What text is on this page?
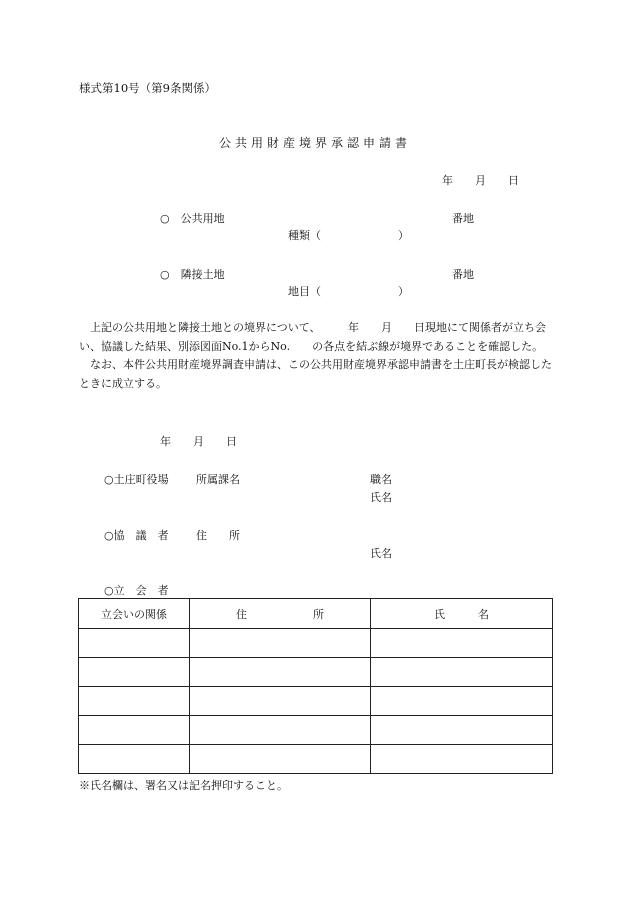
様式第10号（第9条関係）
公共用財産境界承認申請書
年　　月　　日
○　公共用地	番地
種類（　　　　　　　）
○　隣接土地	番地
地目（　　　　　　　）

上記の公共用地と隣接土地との境界について、　　　年　　月　　日現地にて関係者が立ち会い、協議した結果、別添図面No.1からNo.　　の各点を結ぶ線が境界であることを確認した。

なお、本件公共用財産境界調査申請は、この公共用財産境界承認申請書を土庄町長が検認したときに成立する。

年　　月　　日
○土庄町役場 所属課名	職名
氏名
○協　議　者 住　　所
氏名
○立　会　者
立会いの関係	住　　　　　　所	氏　　　名

※氏名欄は、署名又は記名押印すること。
